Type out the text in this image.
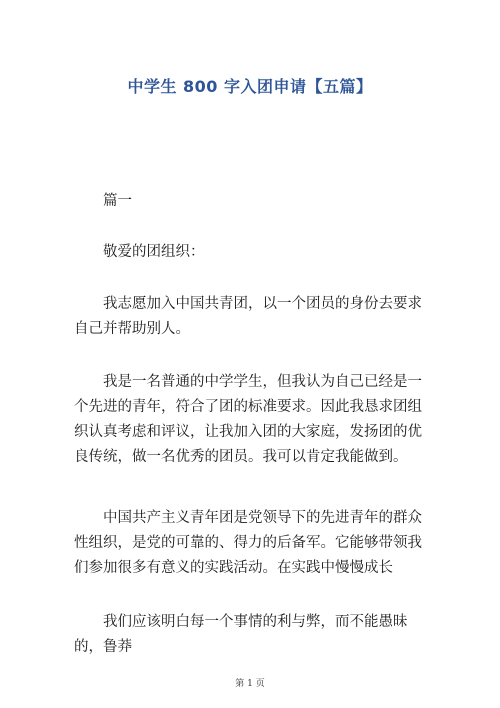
中学生 800 字入团申请【五篇】

篇一

敬爱的团组织：

我志愿加入中国共青团，以一个团员的身份去要求自己并帮助别人。

我是一名普通的中学学生，但我认为自己已经是一个先进的青年，符合了团的标准要求。因此我恳求团组织认真考虑和评议，让我加入团的大家庭，发扬团的优良传统，做一名优秀的团员。我可以肯定我能做到。

中国共产主义青年团是党领导下的先进青年的群众性组织，是党的可靠的、得力的后备军。它能够带领我们参加很多有意义的实践活动。在实践中慢慢成长

我们应该明白每一个事情的利与弊，而不能愚昧的，鲁莽

第 1 页
